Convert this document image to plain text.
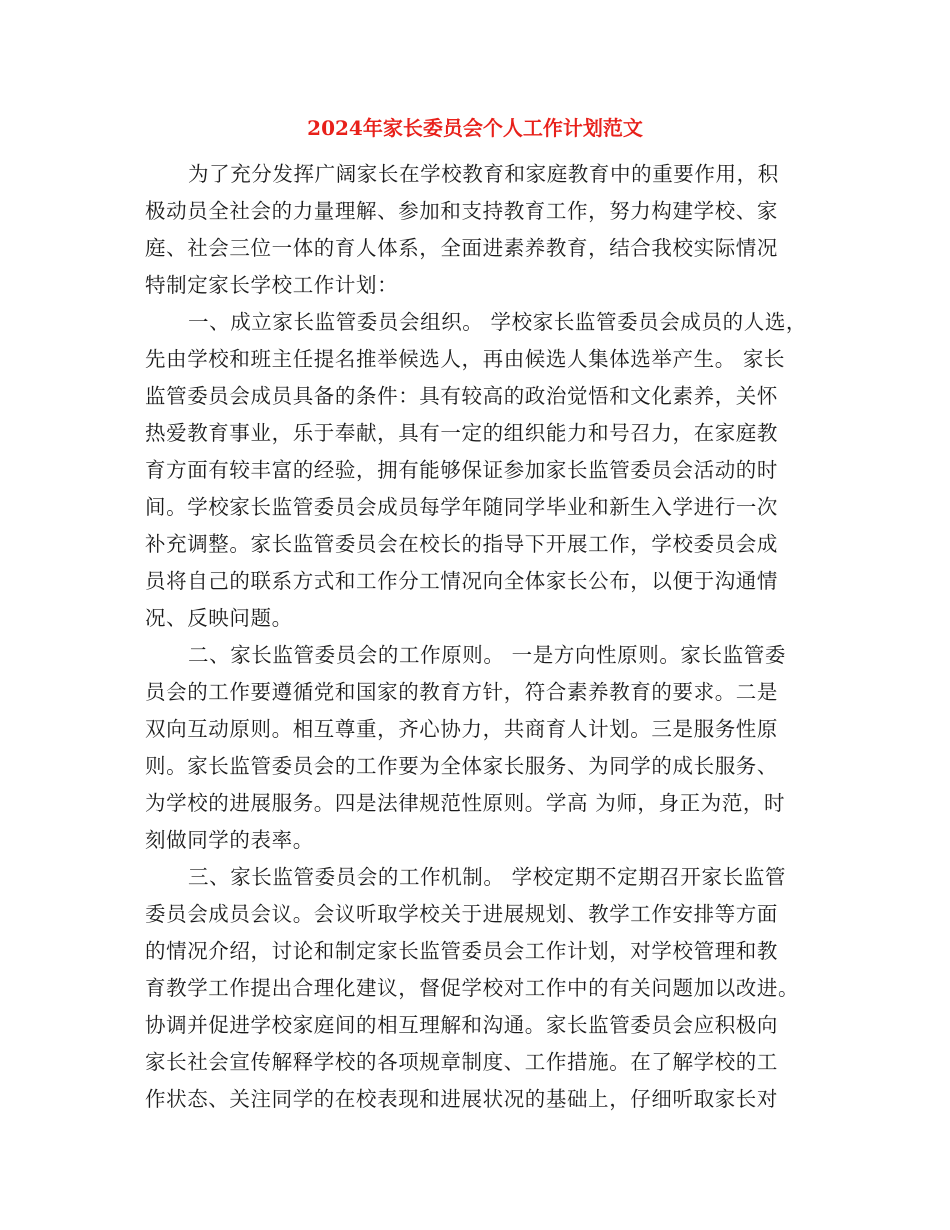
2024年家长委员会个人工作计划范文
为了充分发挥广阔家长在学校教育和家庭教育中的重要作用，积
极动员全社会的力量理解、参加和支持教育工作，努力构建学校、家
庭、社会三位一体的育人体系，全面进素养教育，结合我校实际情况
特制定家长学校工作计划：
一、成立家长监管委员会组织。 学校家长监管委员会成员的人选，
先由学校和班主任提名推举候选人，再由候选人集体选举产生。 家长
监管委员会成员具备的条件：具有较高的政治觉悟和文化素养，关怀
热爱教育事业，乐于奉献，具有一定的组织能力和号召力，在家庭教
育方面有较丰富的经验，拥有能够保证参加家长监管委员会活动的时
间。学校家长监管委员会成员每学年随同学毕业和新生入学进行一次
补充调整。家长监管委员会在校长的指导下开展工作，学校委员会成
员将自己的联系方式和工作分工情况向全体家长公布，以便于沟通情
况、反映问题。
二、家长监管委员会的工作原则。 一是方向性原则。家长监管委
员会的工作要遵循党和国家的教育方针，符合素养教育的要求。二是
双向互动原则。相互尊重，齐心协力，共商育人计划。三是服务性原
则。家长监管委员会的工作要为全体家长服务、为同学的成长服务、
为学校的进展服务。四是法律规范性原则。学高 为师，身正为范，时
刻做同学的表率。
三、家长监管委员会的工作机制。 学校定期不定期召开家长监管
委员会成员会议。会议听取学校关于进展规划、教学工作安排等方面
的情况介绍，讨论和制定家长监管委员会工作计划，对学校管理和教
育教学工作提出合理化建议，督促学校对工作中的有关问题加以改进。
协调并促进学校家庭间的相互理解和沟通。家长监管委员会应积极向
家长社会宣传解释学校的各项规章制度、工作措施。在了解学校的工
作状态、关注同学的在校表现和进展状况的基础上，仔细听取家长对
